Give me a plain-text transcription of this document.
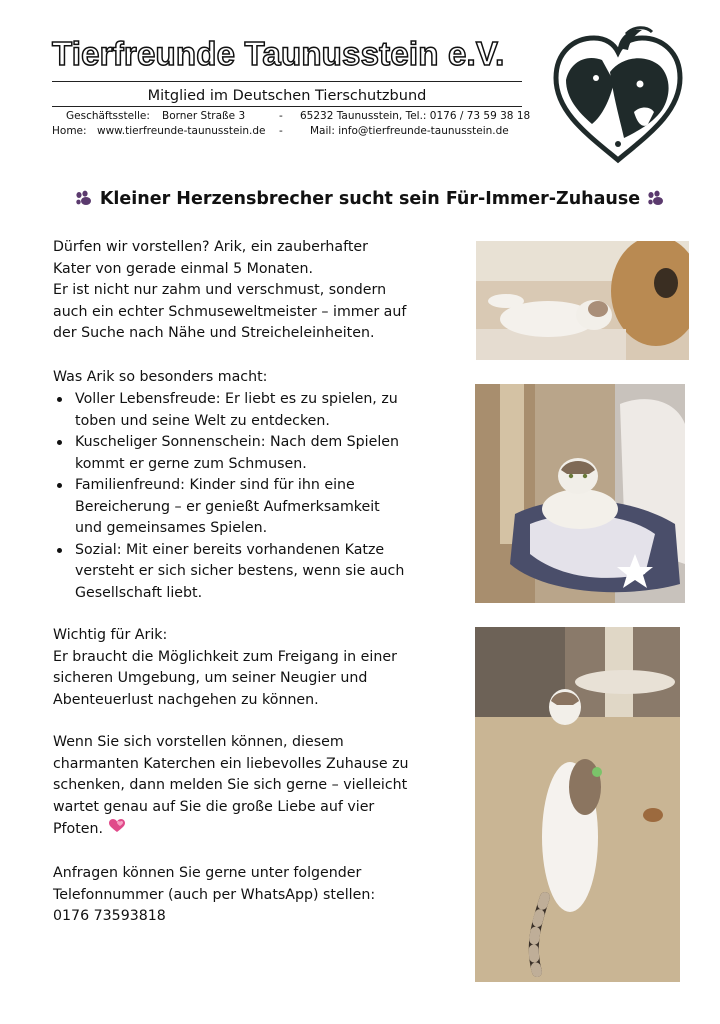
Tierfreunde Taunusstein e.V.
Mitglied im Deutschen Tierschutzbund
Geschäftsstelle: Borner Straße 3	- 65232 Taunusstein, Tel.: 0176 / 73 59 38 18
Home: www.tierfreunde-taunusstein.de -	Mail: info@tierfreunde-taunusstein.de
Kleiner Herzensbrecher sucht sein Für-Immer-Zuhause

Dürfen wir vorstellen? Arik, ein zauberhafter

Kater von gerade einmal 5 Monaten.

Er ist nicht nur zahm und verschmust, sondern

auch ein echter Schmuseweltmeister – immer auf

der Suche nach Nähe und Streicheleinheiten.

Was Arik so besonders macht:
Voller Lebensfreude: Er liebt es zu spielen, zu
toben und seine Welt zu entdecken.
Kuscheliger Sonnenschein: Nach dem Spielen
kommt er gerne zum Schmusen.
Familienfreund: Kinder sind für ihn eine
Bereicherung – er genießt Aufmerksamkeit
und gemeinsames Spielen.
Sozial: Mit einer bereits vorhandenen Katze
versteht er sich sicher bestens, wenn sie auch
Gesellschaft liebt.

Wichtig für Arik:

Er braucht die Möglichkeit zum Freigang in einer

sicheren Umgebung, um seiner Neugier und

Abenteuerlust nachgehen zu können.

Wenn Sie sich vorstellen können, diesem

charmanten Katerchen ein liebevolles Zuhause zu

schenken, dann melden Sie sich gerne – vielleicht

wartet genau auf Sie die große Liebe auf vier

Pfoten.

Anfragen können Sie gerne unter folgender

Telefonnummer (auch per WhatsApp) stellen:

0176 73593818
